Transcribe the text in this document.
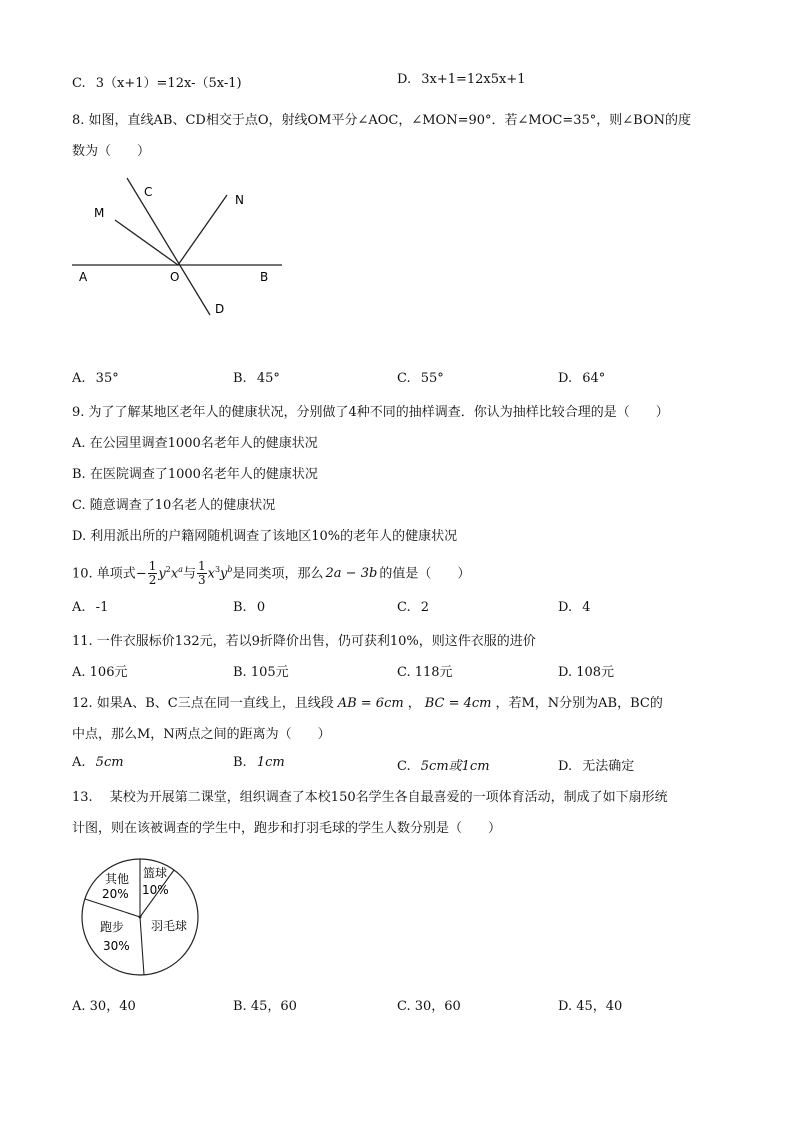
C. 3（x+1）=12x-（5x-1)	D. 3x+1=12x5x+1
8. 如图，直线AB、CD相交于点O，射线OM平分∠AOC，∠MON=90°．若∠MOC=35°，则∠BON的度
数为（　　）
C
M
N
A	O	B
D
A. 35°	B. 45°	C. 55°	D. 64°
9. 为了了解某地区老年人的健康状况，分别做了4种不同的抽样调查．你认为抽样比较合理的是（　　）
A. 在公园里调查1000名老年人的健康状况
B. 在医院调查了1000名老年人的健康状况
C. 随意调查了10名老人的健康状况
D. 利用派出所的户籍网随机调查了该地区10%的老年人的健康状况
10. 单项式− $\frac{1}{2} y^2x^a$与 $\frac{1}{3} x^3y^b$是同类项，那么 2a − 3b 的值是（　　）
A. -1	B. 0	C. 2	D. 4
11. 一件衣服标价132元，若以9折降价出售，仍可获利10%，则这件衣服的进价
A. 106元	B. 105元	C. 118元	D. 108元
12. 如果A、B、C三点在同一直线上，且线段 AB = 6cm ， BC = 4cm ，若M，N分别为AB，BC的
中点，那么M，N两点之间的距离为（　　）
A. 5cm	B. 1cm	C. 5cm或1cm	D. 无法确定
13.　 某校为开展第二课堂，组织调查了本校150名学生各自最喜爱的一项体育活动，制成了如下扇形统
计图，则在该被调查的学生中，跑步和打羽毛球的学生人数分别是（　　）
篮球
10%
其他
20%
跑步
30%
羽毛球
A. 30，40	B. 45，60	C. 30，60	D. 45，40
